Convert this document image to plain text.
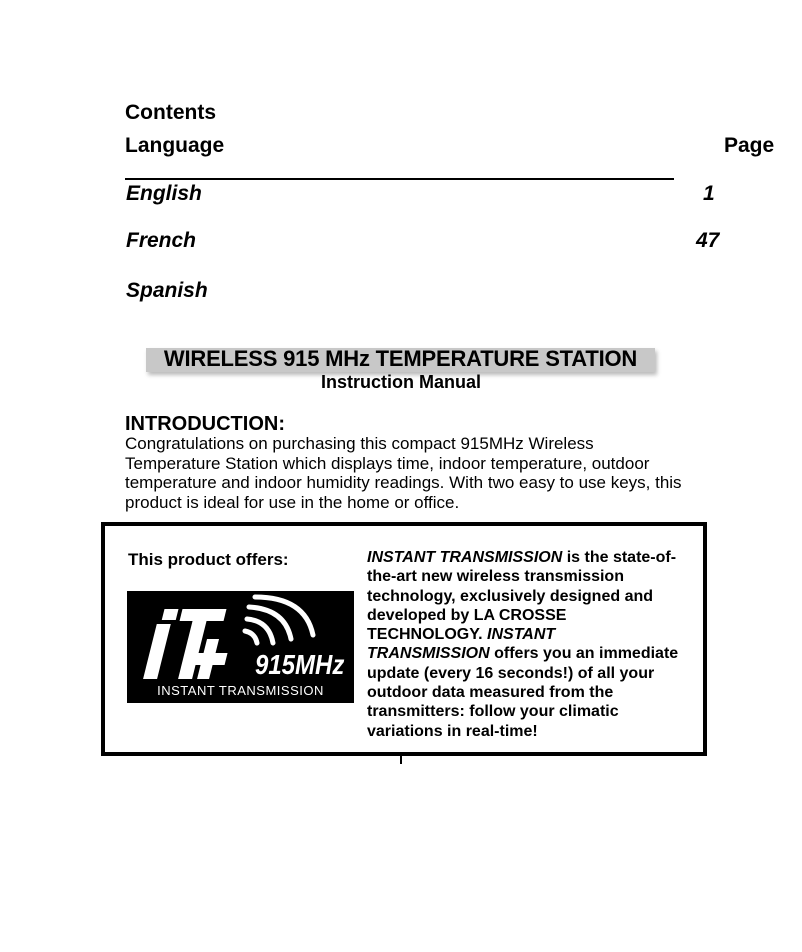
Contents
Language	Page
English	1
French	47
Spanish
WIRELESS 915 MHz TEMPERATURE STATION
Instruction Manual
INTRODUCTION:
Congratulations on purchasing this compact 915MHz Wireless Temperature Station which displays time, indoor temperature, outdoor temperature and indoor humidity readings. With two easy to use keys, this product is ideal for use in the home or office.
This product offers:
915MHz
INSTANT TRANSMISSION
INSTANT TRANSMISSION is the state-of-the-art new wireless transmission technology, exclusively designed and developed by LA CROSSE TECHNOLOGY. INSTANT TRANSMISSION offers you an immediate update (every 16 seconds!) of all your outdoor data measured from the transmitters: follow your climatic variations in real-time!
